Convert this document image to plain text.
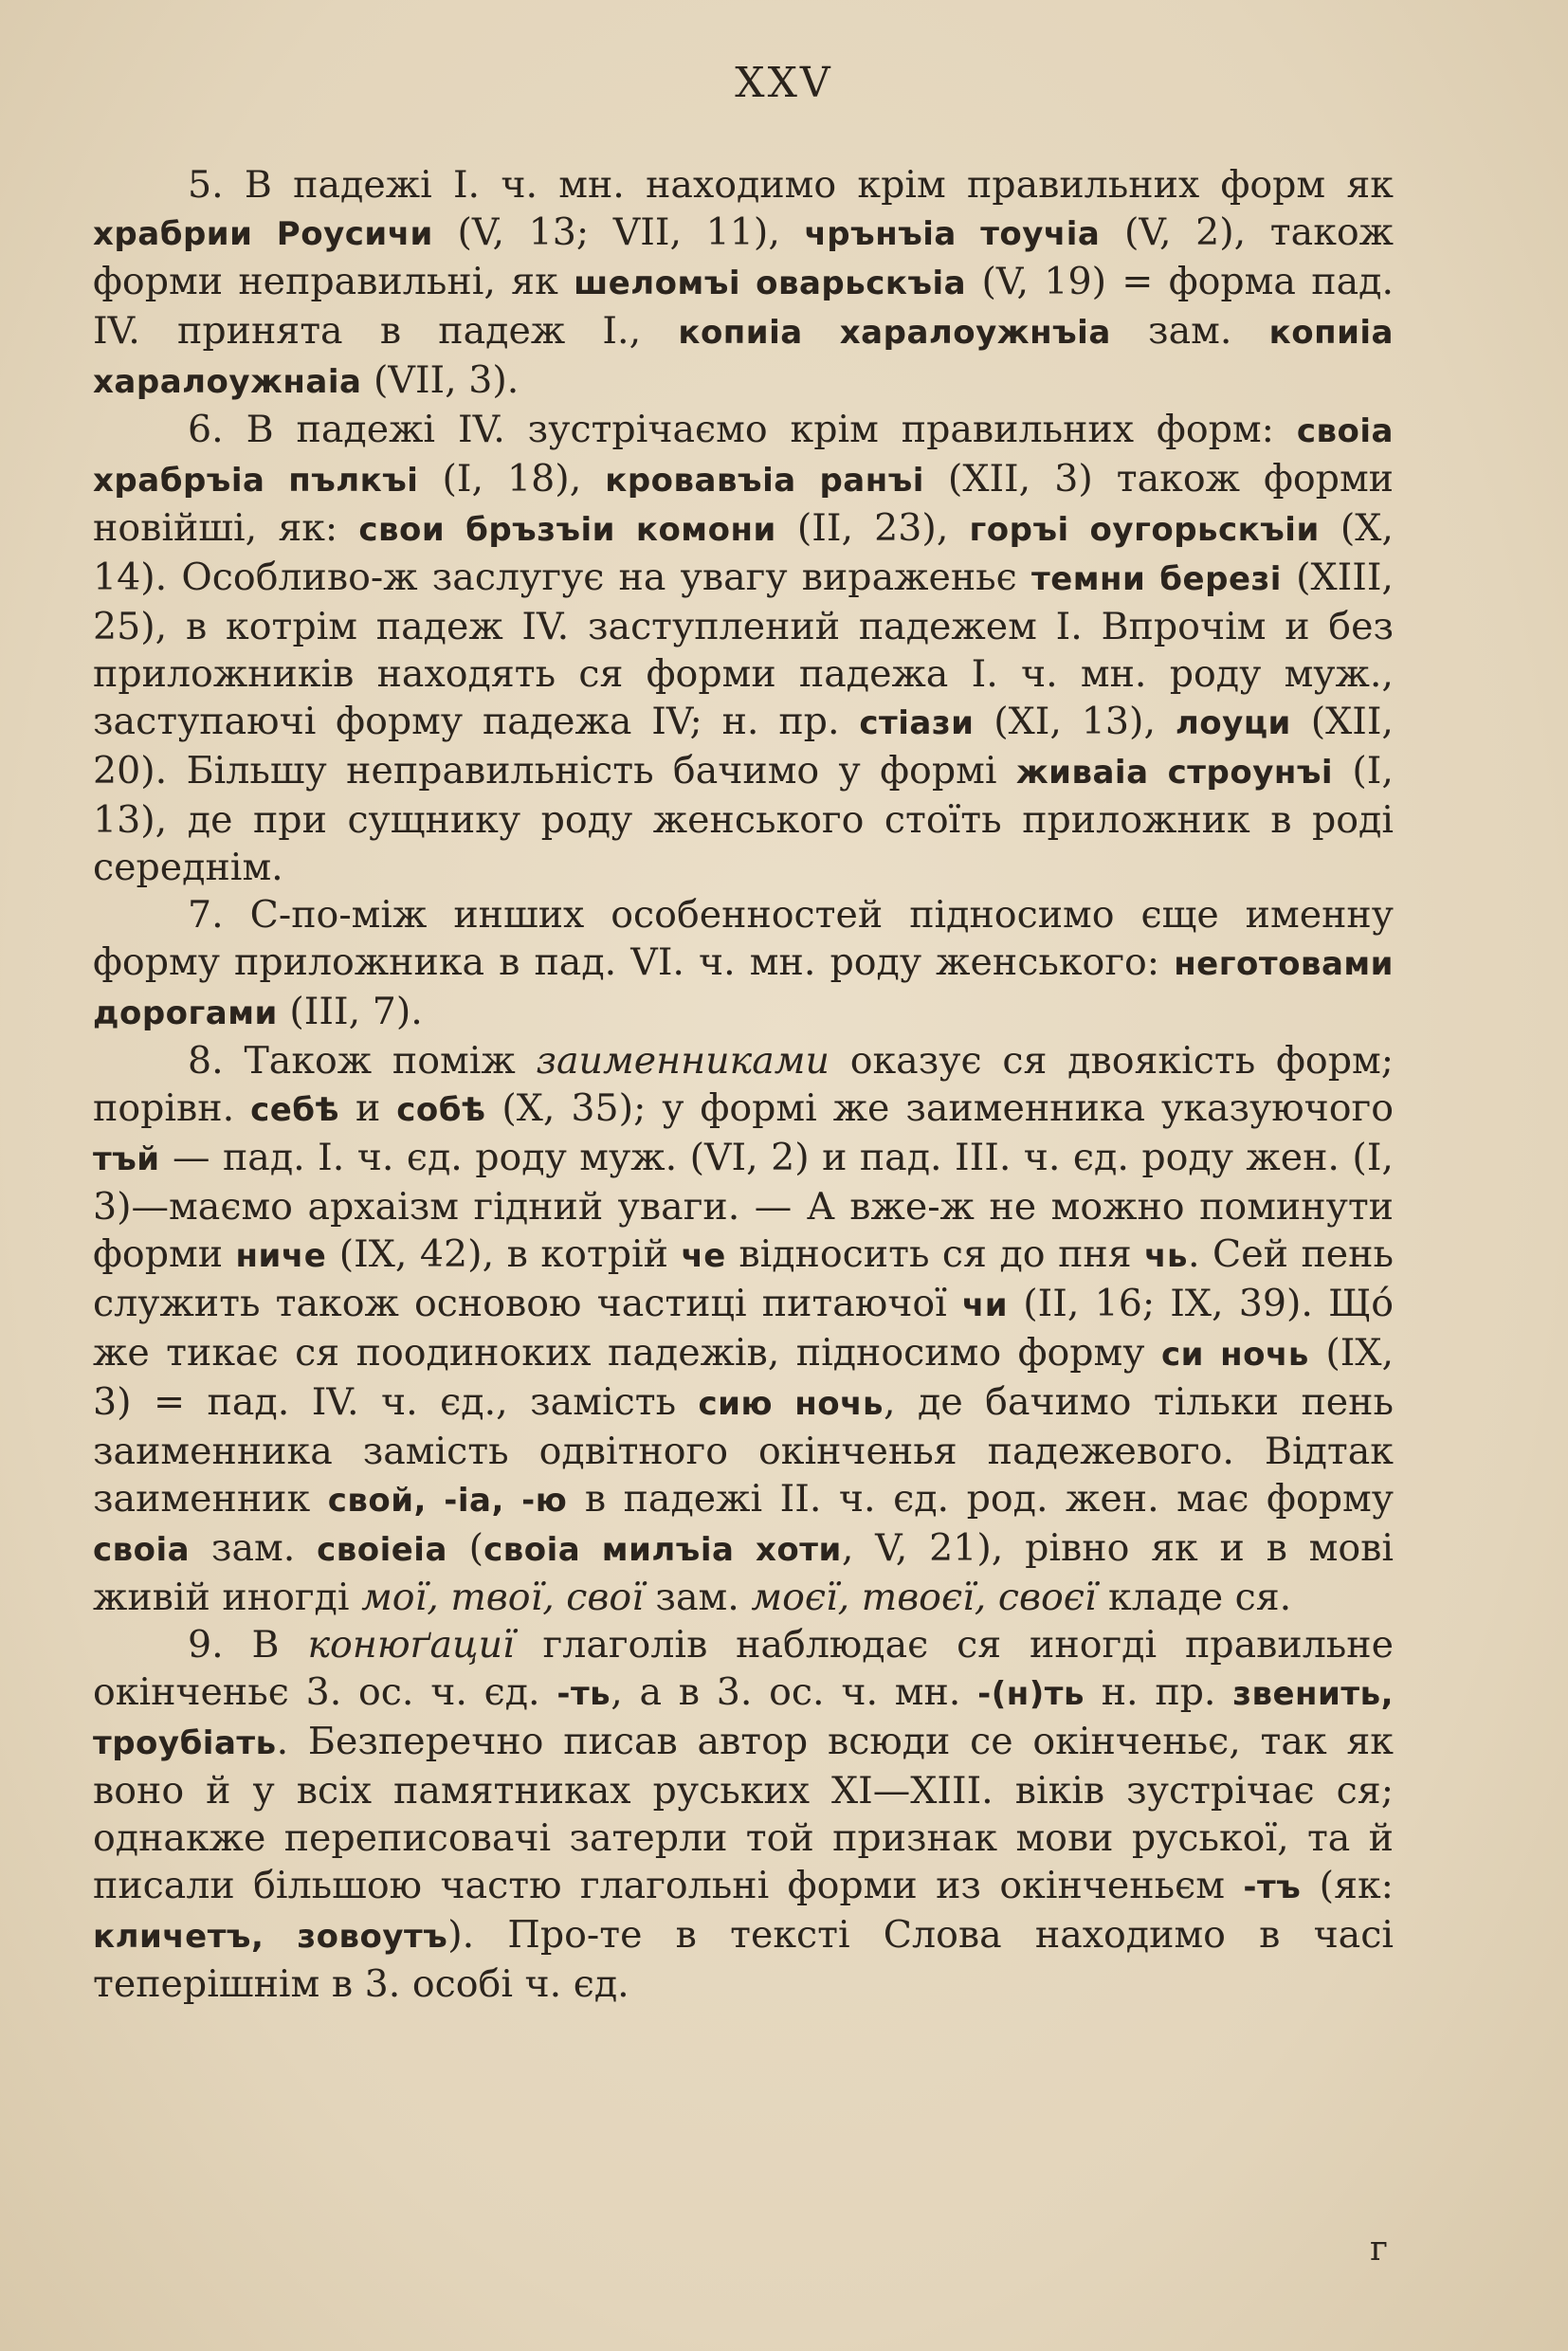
XXV

5. В падежі І. ч. мн. находимо крім правильних форм як храбрии Роусичи (V, 13; VII, 11), чрънъіа тоучіа (V, 2), також форми неправильні, як шеломъі оварьскъіа (V, 19) = форма пад. IV. принята в падеж I., копиіа харалоужнъіа зам. копиіа харалоужнаіа (VII, 3).

6. В падежі IV. зустрічаємо крім правильних форм: своіа храбръіа пълкъі (I, 18), кровавъіа ранъі (XII, 3) також форми новійші, як: свои бръзъіи комони (II, 23), горъі оугорьскъіи (X, 14). Особливо-ж заслугує на увагу вираженьє темни березі (XIII, 25), в котрім падеж IV. заступлений падежем I. Впрочім и без приложників находять ся форми падежа I. ч. мн. роду муж., заступаючі форму падежа IV; н. пр. стіази (XI, 13), лоуци (XII, 20). Більшу неправильність бачимо у формі живаіа строунъі (I, 13), де при сущнику роду женського стоїть приложник в роді середнім.

7. С-по-між инших особенностей підносимо єще именну форму приложника в пад. VI. ч. мн. роду женського: неготовами дорогами (III, 7).

8. Також поміж заименниками оказує ся двоякість форм; порівн. себѣ и собѣ (X, 35); у формі же заименника указуючого тъй — пад. І. ч. єд. роду муж. (VI, 2) и пад. III. ч. єд. роду жен. (I, 3)—маємо архаізм гідний уваги. — А вже-ж не можно поминути форми ниче (IX, 42), в котрій че відносить ся до пня чь. Сей пень служить також основою частиці питаючої чи (II, 16; IX, 39). Щó же тикає ся поодиноких падежів, підносимо форму си ночь (IX, 3) = пад. IV. ч. єд., замість сию ночь, де бачимо тільки пень заименника замість одвітного окінченья падежевого. Відтак заименник свой, -іа, -ю в падежі II. ч. єд. род. жен. має форму своіа зам. своіеіа (своіа милъіа хоти, V, 21), рівно як и в мові живій иногді мої, твої, свої зам. моєї, твоєї, своєї кладе ся.

9. В конюґациї глаголів наблюдає ся иногді правильне окінченьє 3. ос. ч. єд. -ть, а в 3. ос. ч. мн. -(н)ть н. пр. звенить, троубіать. Безперечно писав автор всюди се окінченьє, так як воно й у всіх памятниках руських XI—XIII. віків зустрічає ся; однакже переписовачі затерли той признак мови руської, та й писали більшою частю глагольні форми из окінченьєм -тъ (як: кличетъ, зовоутъ). Про-те в тексті Слова находимо в часі теперішнім в 3. особі ч. єд.

г
